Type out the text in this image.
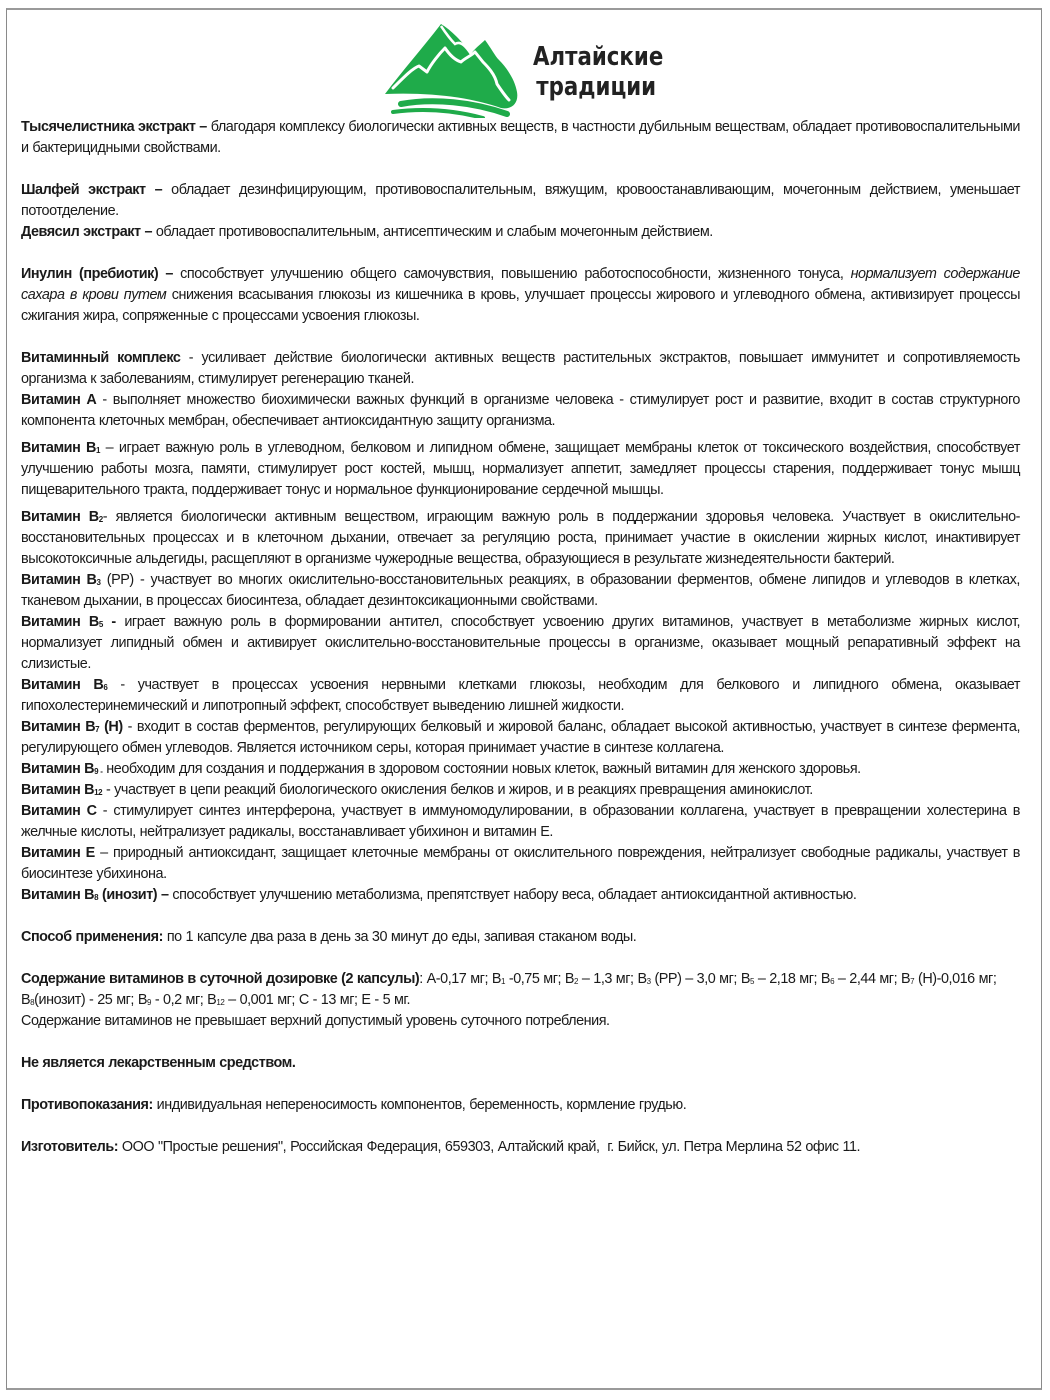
Алтайские
традиции

Тысячелистника экстракт – благодаря комплексу биологически активных веществ, в частности дубильным веществам, обладает противовоспалительными и бактерицидными свойствами.

Шалфей экстракт – обладает дезинфицирующим, противовоспалительным, вяжущим, кровоостанавливающим, мочегонным действием, уменьшает потоотделение.

Девясил экстракт – обладает противовоспалительным, антисептическим и слабым мочегонным действием.

Инулин (пребиотик) – способствует улучшению общего самочувствия, повышению работоспособности, жизненного тонуса, нормализует содержание сахара в крови путем снижения всасывания глюкозы из кишечника в кровь, улучшает процессы жирового и углеводного обмена, активизирует процессы сжигания жира, сопряженные с процессами усвоения глюкозы.

Витаминный комплекс - усиливает действие биологически активных веществ растительных экстрактов, повышает иммунитет и сопротивляемость организма к заболеваниям, стимулирует регенерацию тканей.

Витамин А - выполняет множество биохимически важных функций в организме человека - стимулирует рост и развитие, входит в состав структурного компонента клеточных мембран, обеспечивает антиоксидантную защиту организма.

Витамин $В_1$ – играет важную роль в углеводном, белковом и липидном обмене, защищает мембраны клеток от токсического воздействия, способствует улучшению работы мозга, памяти, стимулирует рост костей, мышц, нормализует аппетит, замедляет процессы старения, поддерживает тонус мышц пищеварительного тракта, поддерживает тонус и нормальное функционирование сердечной мышцы.

Витамин $В_2-$ является биологически активным веществом, играющим важную роль в поддержании здоровья человека. Участвует в окислительно-восстановительных процессах и в клеточном дыхании, отвечает за регуляцию роста, принимает участие в окислении жирных кислот, инактивирует высокотоксичные альдегиды, расщепляют в организме чужеродные вещества, образующиеся в результате жизнедеятельности бактерий.

Витамин $В_3$ (РР) - участвует во многих окислительно-восстановительных реакциях, в образовании ферментов, обмене липидов и углеводов в клетках, тканевом дыхании, в процессах биосинтеза, обладает дезинтоксикационными свойствами.

Витамин $В_5$ - играет важную роль в формировании антител, способствует усвоению других витаминов, участвует в метаболизме жирных кислот, нормализует липидный обмен и активирует окислительно-восстановительные процессы в организме, оказывает мощный репаративный эффект на слизистые.

Витамин $В_6$ - участвует в процессах усвоения нервными клетками глюкозы, необходим для белкового и липидного обмена, оказывает гипохолестеринемический и липотропный эффект, способствует выведению лишней жидкости.

Витамин $В_7$ (Н) - входит в состав ферментов, регулирующих белковый и жировой баланс, обладает высокой активностью, участвует в синтезе фермента, регулирующего обмен углеводов. Является источником серы, которая принимает участие в синтезе коллагена.

Витамин $В_{9 -}$ необходим для создания и поддержания в здоровом состоянии новых клеток, важный витамин для женского здоровья.

Витамин $В_{12}$ - участвует в цепи реакций биологического окисления белков и жиров, и в реакциях превращения аминокислот.

Витамин С - стимулирует синтез интерферона, участвует в иммуномодулировании, в образовании коллагена, участвует в превращении холестерина в желчные кислоты, нейтрализует радикалы, восстанавливает убихинон и витамин Е.

Витамин Е – природный антиоксидант, защищает клеточные мембраны от окислительного повреждения, нейтрализует свободные радикалы, участвует в биосинтезе убихинона.

Витамин $В_8$ (инозит) – способствует улучшению метаболизма, препятствует набору веса, обладает антиоксидантной активностью.

Способ применения: по 1 капсуле два раза в день за 30 минут до еды, запивая стаканом воды.

Содержание витаминов в суточной дозировке (2 капсулы): А-0,17 мг; $В_1$ -0,75 мг; $В_2 - 1,3$ мг; $В_3$ (РР) – 3,0 мг; $В_5 - 2,18$ мг; $В_6 - 2,44$ мг; $В_7$ (Н)-0,016 мг; $В_8(инозит) - 25$ мг; $В_9 - 0,2$ мг; $В_{12} - 0,001$ мг; С - 13 мг; Е - 5 мг.

Содержание витаминов не превышает верхний допустимый уровень суточного потребления.

Не является лекарственным средством.

Противопоказания: индивидуальная непереносимость компонентов, беременность, кормление грудью.

Изготовитель: ООО "Простые решения", Российская Федерация, 659303, Алтайский край,  г. Бийск, ул. Петра Мерлина 52 офис 11.
